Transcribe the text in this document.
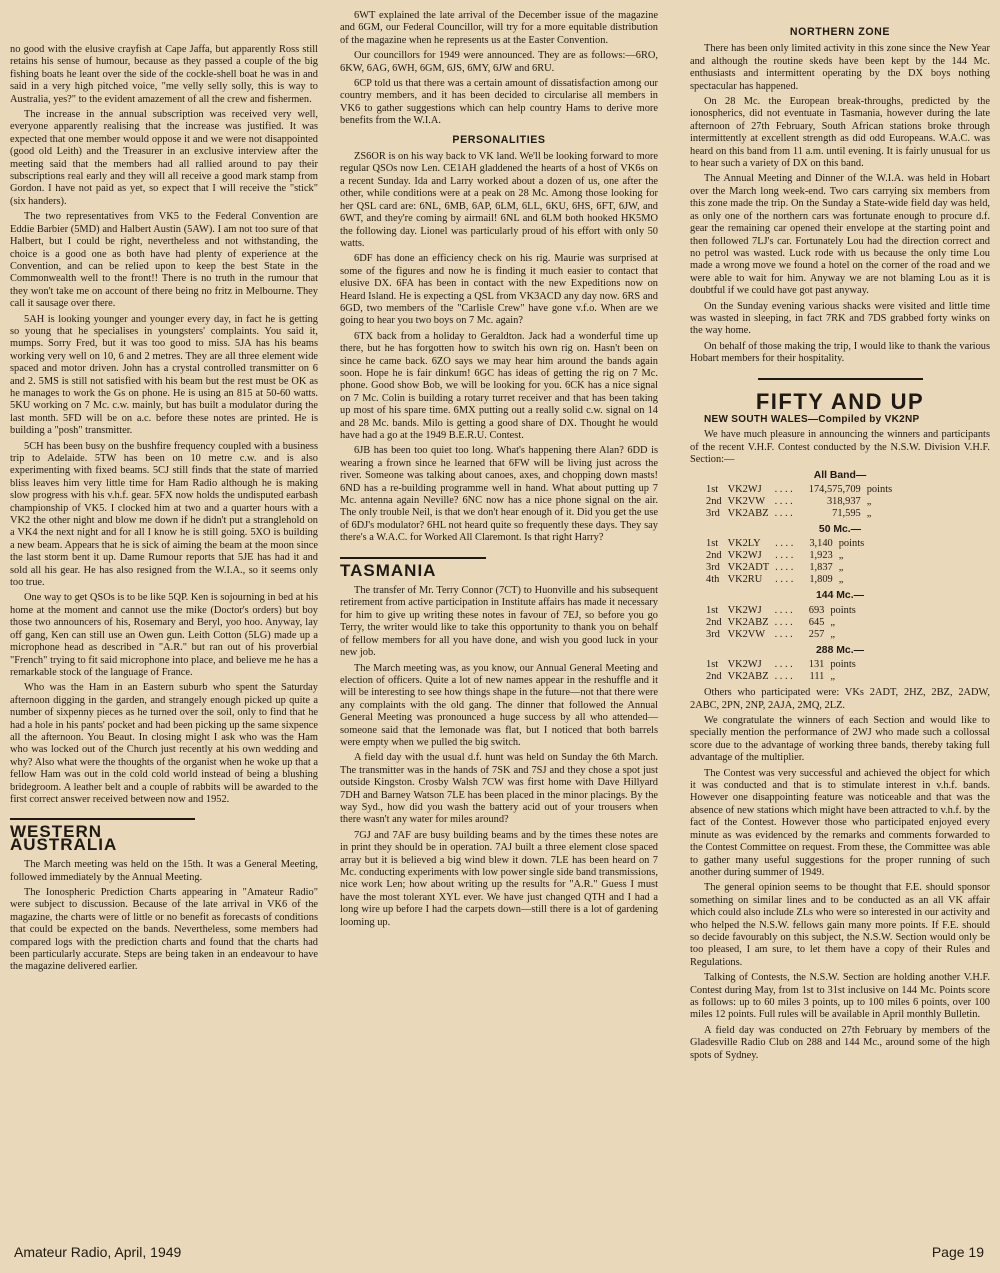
no good with the elusive crayfish at Cape Jaffa, but apparently Ross still retains his sense of humour, because as they passed a couple of the big fishing boats he leant over the side of the cockle-shell boat he was in and said in a very high pitched voice, "me velly selly solly, this is way to Australia, yes?" to the evident amazement of all the crew and fishermen.

The increase in the annual subscription was received very well, everyone apparently realising that the increase was justified. It was expected that one member would oppose it and we were not disappointed (good old Leith) and the Treasurer in an exclusive interview after the meeting said that the members had all rallied around to pay their subscriptions real early and they will all receive a good mark stamp from Gordon. I have not paid as yet, so expect that I will receive the "stick" (six handers).

The two representatives from VK5 to the Federal Convention are Eddie Barbier (5MD) and Halbert Austin (5AW). I am not too sure of that Halbert, but I could be right, nevertheless and not withstanding, the choice is a good one as both have had plenty of experience at the Convention, and can be relied upon to keep the best State in the Commonwealth well to the front!! There is no truth in the rumour that they won't take me on account of there being no fritz in Melbourne. They call it sausage over there.

5AH is looking younger and younger every day, in fact he is getting so young that he specialises in youngsters' complaints. You said it, mumps. Sorry Fred, but it was too good to miss. 5JA has his beams working very well on 10, 6 and 2 metres. They are all three element wide spaced and motor driven. John has a crystal controlled transmitter on 6 and 2. 5MS is still not satisfied with his beam but the rest must be OK as he manages to work the Gs on phone. He is using an 815 at 50-60 watts. 5KU working on 7 Mc. c.w. mainly, but has built a modulator during the last month. 5FD will be on a.c. before these notes are printed. He is building a "posh" transmitter.

5CH has been busy on the bushfire frequency coupled with a business trip to Adelaide. 5TW has been on 10 metre c.w. and is also experimenting with fixed beams. 5CJ still finds that the state of married bliss leaves him very little time for Ham Radio although he is making slow progress with his v.h.f. gear. 5FX now holds the undisputed earbash championship of VK5. I clocked him at two and a quarter hours with a VK2 the other night and blow me down if he didn't put a stranglehold on a VK4 the next night and for all I know he is still going. 5XO is building a new beam. Appears that he is sick of aiming the beam at the moon since the last storm bent it up. Dame Rumour reports that 5JE has had it and sold all his gear. He has also resigned from the W.I.A., so it seems only too true.

One way to get QSOs is to be like 5QP. Ken is sojourning in bed at his home at the moment and cannot use the mike (Doctor's orders) but boy those two announcers of his, Rosemary and Beryl, yoo hoo. Anyway, lay off gang, Ken can still use an Owen gun. Leith Cotton (5LG) made up a microphone head as described in "A.R." but ran out of his proverbial "French" trying to fit said microphone into place, and believe me he has a remarkable stock of the language of France.

Who was the Ham in an Eastern suburb who spent the Saturday afternoon digging in the garden, and strangely enough picked up quite a number of sixpenny pieces as he turned over the soil, only to find that he had a hole in his pants' pocket and had been picking up the same sixpence all the afternoon. You Beaut. In closing might I ask who was the Ham who was locked out of the Church just recently at his own wedding and why? Also what were the thoughts of the organist when he woke up that a fellow Ham was out in the cold cold world instead of being a blushing bridegroom. A leather belt and a couple of rabbits will be awarded to the first correct answer received between now and 1952.

WESTERN AUSTRALIA

The March meeting was held on the 15th. It was a General Meeting, followed immediately by the Annual Meeting.

The Ionospheric Prediction Charts appearing in "Amateur Radio" were subject to discussion. Because of the late arrival in VK6 of the magazine, the charts were of little or no benefit as forecasts of conditions that could be expected on the bands. Nevertheless, some members had compared logs with the prediction charts and found that the charts had been particularly accurate. Steps are being taken in an endeavour to have the magazine delivered earlier.

6WT explained the late arrival of the December issue of the magazine and 6GM, our Federal Councillor, will try for a more equitable distribution of the magazine when he represents us at the Easter Convention.

Our councillors for 1949 were announced. They are as follows:—6RO, 6KW, 6AG, 6WH, 6GM, 6JS, 6MY, 6JW and 6RU.

6CP told us that there was a certain amount of dissatisfaction among our country members, and it has been decided to circularise all members in VK6 to gather suggestions which can help country Hams to derive more benefits from the W.I.A.

PERSONALITIES

ZS6OR is on his way back to VK land. We'll be looking forward to more regular QSOs now Len. CE1AH gladdened the hearts of a host of VK6s on a recent Sunday. Ida and Larry worked about a dozen of us, one after the other, while conditions were at a peak on 28 Mc. Among those looking for her QSL card are: 6NL, 6MB, 6AP, 6LM, 6LL, 6KU, 6HS, 6FT, 6JW, and 6WT, and they're coming by airmail! 6NL and 6LM both hooked HK5MO the following day. Lionel was particularly proud of his effort with only 50 watts.

6DF has done an efficiency check on his rig. Maurie was surprised at some of the figures and now he is finding it much easier to contact that elusive DX. 6FA has been in contact with the new Expeditions now on Heard Island. He is expecting a QSL from VK3ACD any day now. 6RS and 6GD, two members of the "Carlisle Crew" have gone v.f.o. When are we going to hear you two boys on 7 Mc. again?

6TX back from a holiday to Geraldton. Jack had a wonderful time up there, but he has forgotten how to switch his own rig on. Hasn't been on since he came back. 6ZO says we may hear him around the bands again soon. Hope he is fair dinkum! 6GC has ideas of getting the rig on 7 Mc. phone. Good show Bob, we will be looking for you. 6CK has a nice signal on 7 Mc. Colin is building a rotary turret receiver and that has been taking up most of his spare time. 6MX putting out a really solid c.w. signal on 14 and 28 Mc. bands. Milo is getting a good share of DX. Thought he would have had a go at the 1949 B.E.R.U. Contest.

6JB has been too quiet too long. What's happening there Alan? 6DD is wearing a frown since he learned that 6FW will be living just across the river. Someone was talking about canoes, axes, and chopping down masts! 6ND has a re-building programme well in hand. What about putting up 7 Mc. antenna again Neville? 6NC now has a nice phone signal on the air. The only trouble Neil, is that we don't hear enough of it. Did you get the use of 6DJ's modulator? 6HL not heard quite so frequently these days. They say there's a W.A.C. for Worked All Claremont. Is that right Harry?

TASMANIA

The transfer of Mr. Terry Connor (7CT) to Huonville and his subsequent retirement from active participation in Institute affairs has made it necessary for him to give up writing these notes in favour of 7EJ, so before you go Terry, the writer would like to take this opportunity to thank you on behalf of fellow members for all you have done, and wish you good luck in your new job.

The March meeting was, as you know, our Annual General Meeting and election of officers. Quite a lot of new names appear in the reshuffle and it will be interesting to see how things shape in the future—not that there were any complaints with the old gang. The dinner that followed the Annual General Meeting was pronounced a huge success by all who attended—someone said that the lemonade was flat, but I noticed that both barrels were empty when we pulled the big switch.

A field day with the usual d.f. hunt was held on Sunday the 6th March. The transmitter was in the hands of 7SK and 7SJ and they chose a spot just outside Kingston. Crosby Walsh 7CW was first home with Dave Hillyard 7DH and Barney Watson 7LE has been placed in the minor placings. By the way Syd., how did you wash the battery acid out of your trousers when there wasn't any water for miles around?

7GJ and 7AF are busy building beams and by the times these notes are in print they should be in operation. 7AJ built a three element close spaced array but it is believed a big wind blew it down. 7LE has been heard on 7 Mc. conducting experiments with low power single side band transmissions, nice work Len; how about writing up the results for "A.R." Guess I must have the most tolerant XYL ever. We have just changed QTH and I had a long wire up before I had the carpets down—still there is a lot of gardening looming up.

NORTHERN ZONE

There has been only limited activity in this zone since the New Year and although the routine skeds have been kept by the 144 Mc. enthusiasts and intermittent operating by the DX boys nothing spectacular has happened.

On 28 Mc. the European break-throughs, predicted by the ionospherics, did not eventuate in Tasmania, however during the late afternoon of 27th February, South African stations broke through intermittently at excellent strength as did odd Europeans. W.A.C. was heard on this band from 11 a.m. until evening. It is fairly unusual for us to hear such a variety of DX on this band.

The Annual Meeting and Dinner of the W.I.A. was held in Hobart over the March long week-end. Two cars carrying six members from this zone made the trip. On the Sunday a State-wide field day was held, as only one of the northern cars was fortunate enough to procure d.f. gear the remaining car opened their envelope at the starting point and then followed 7LJ's car. Fortunately Lou had the direction correct and no petrol was wasted. Luck rode with us because the only time Lou made a wrong move we found a hotel on the corner of the road and we were able to wait for him. Anyway we are not blaming Lou as it is doubtful if we could have got past anyway.

On the Sunday evening various shacks were visited and little time was wasted in sleeping, in fact 7RK and 7DS grabbed forty winks on the way home.

On behalf of those making the trip, I would like to thank the various Hobart members for their hospitality.

FIFTY AND UP

NEW SOUTH WALES—Compiled by VK2NP

We have much pleasure in announcing the winners and participants of the recent V.H.F. Contest conducted by the N.S.W. Division V.H.F. Section:—

All Band—
1st	VK2WJ	. . . .	174,575,709	points
2nd	VK2VW	. . . .	318,937	„
3rd	VK2ABZ	. . . .	71,595	„
50 Mc.—
1st	VK2LY	. . . .	3,140	points
2nd	VK2WJ	. . . .	1,923	„
3rd	VK2ADT	. . . .	1,837	„
4th	VK2RU	. . . .	1,809	„
144 Mc.—
1st	VK2WJ	. . . .	693	points
2nd	VK2ABZ	. . . .	645	„
3rd	VK2VW	. . . .	257	„
288 Mc.—
1st	VK2WJ	. . . .	131	points
2nd	VK2ABZ	. . . .	111	„

Others who participated were: VKs 2ADT, 2HZ, 2BZ, 2ADW, 2ABC, 2PN, 2NP, 2AJA, 2MQ, 2LZ.

We congratulate the winners of each Section and would like to specially mention the performance of 2WJ who made such a collossal score due to the advantage of working three bands, thereby taking full advantage of the multiplier.

The Contest was very successful and achieved the object for which it was conducted and that is to stimulate interest in v.h.f. bands. However one disappointing feature was noticeable and that was the absence of new stations which might have been attracted to v.h.f. by the fact of the Contest. However those who participated enjoyed every minute as was evidenced by the remarks and comments forwarded to the Contest Committee on request. From these, the Committee was able to gather many useful suggestions for the proper running of such another during summer of 1949.

The general opinion seems to be thought that F.E. should sponsor something on similar lines and to be conducted as an all VK affair which could also include ZLs who were so interested in our activity and who helped the N.S.W. fellows gain many more points. If F.E. should so decide favourably on this subject, the N.S.W. Section would only be too pleased, I am sure, to let them have a copy of their Rules and Regulations.

Talking of Contests, the N.S.W. Section are holding another V.H.F. Contest during May, from 1st to 31st inclusive on 144 Mc. Points score as follows: up to 60 miles 3 points, up to 100 miles 6 points, over 100 miles 12 points. Full rules will be available in April monthly Bulletin.

A field day was conducted on 27th February by members of the Gladesville Radio Club on 288 and 144 Mc., around some of the high spots of Sydney.

Amateur Radio, April, 1949	Page 19
